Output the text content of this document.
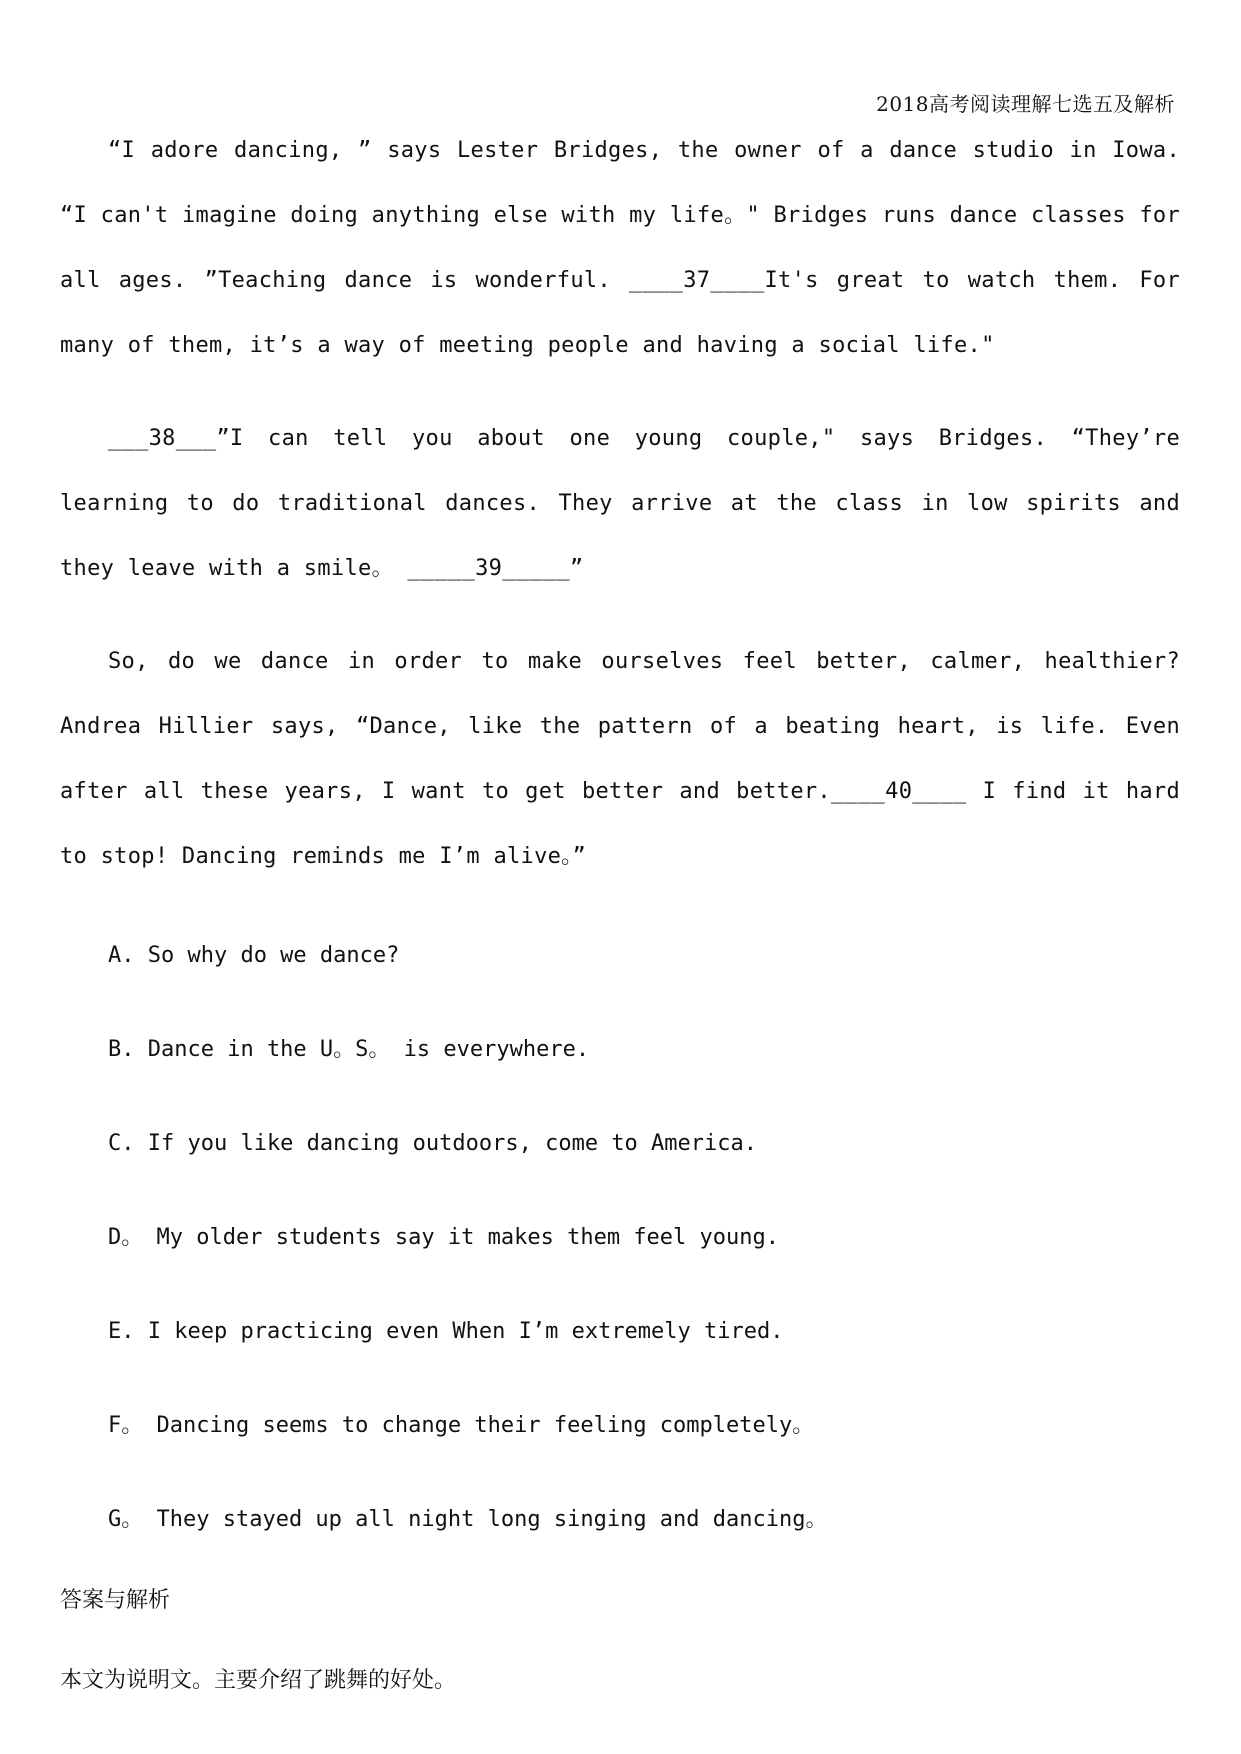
2018高考阅读理解七选五及解析

“I adore dancing, ” says Lester Bridges, the owner of a dance studio in Iowa. “I can't imagine doing anything else with my life。" Bridges runs dance classes for all ages. ”Teaching dance is wonderful. ____37____It's great to watch them. For many of them, it’s a way of meeting people and having a social life."

___38___”I can tell you about one young couple," says Bridges. “They’re learning to do traditional dances. They arrive at the class in low spirits and they leave with a smile。 _____39_____”

So, do we dance in order to make ourselves feel better, calmer, healthier? Andrea Hillier says, “Dance, like the pattern of a beating heart, is life. Even after all these years, I want to get better and better.____40____ I find it hard to stop! Dancing reminds me I’m alive。”

A. So why do we dance?

B. Dance in the U。S。 is everywhere.

C. If you like dancing outdoors, come to America.

D。 My older students say it makes them feel young.

E. I keep practicing even When I’m extremely tired.

F。 Dancing seems to change their feeling completely。

G。 They stayed up all night long singing and dancing。

答案与解析

本文为说明文。主要介绍了跳舞的好处。
